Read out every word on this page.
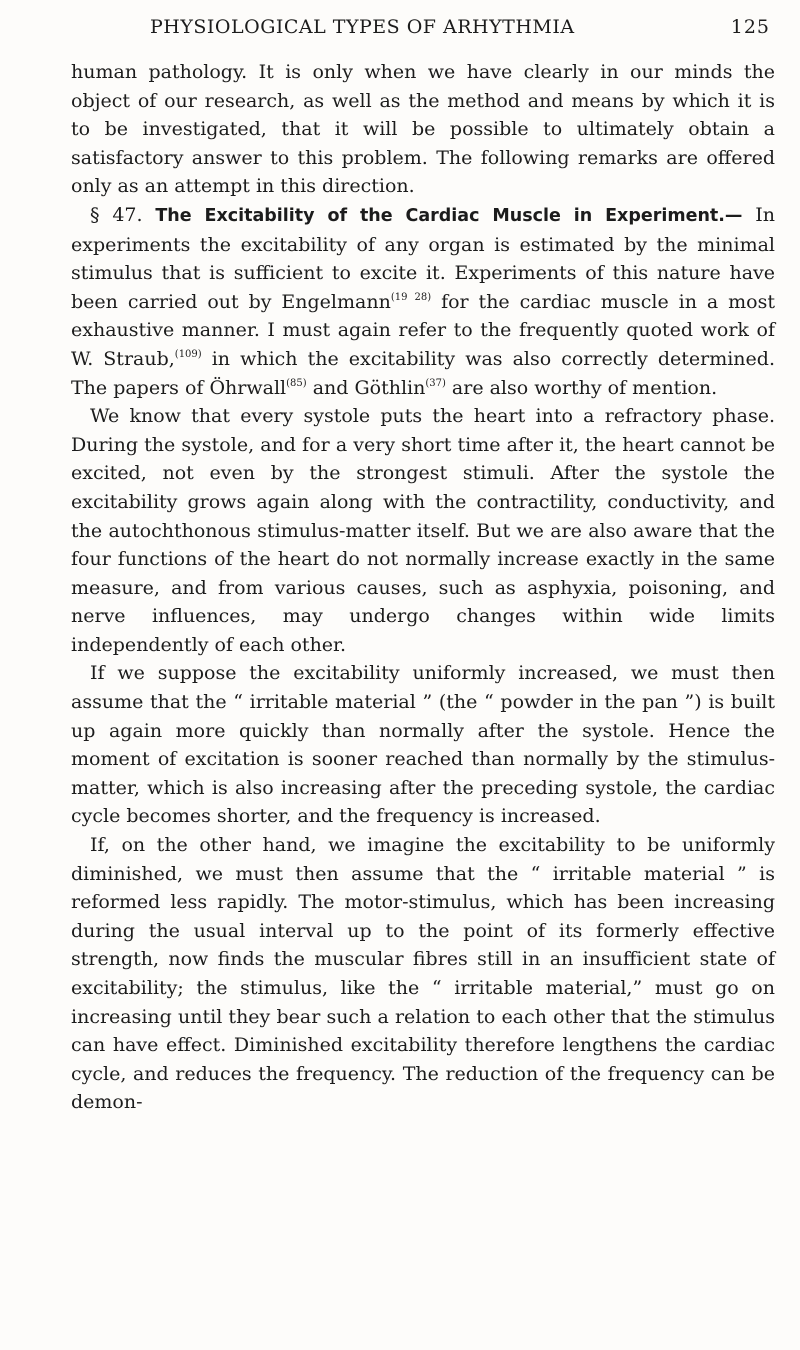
PHYSIOLOGICAL TYPES OF ARHYTHMIA	125

human pathology. It is only when we have clearly in our minds the object of our research, as well as the method and means by which it is to be investigated, that it will be possible to ultimately obtain a satisfactory answer to this problem. The following remarks are offered only as an attempt in this direction.

§ 47. The Excitability of the Cardiac Muscle in Experiment.— In experiments the excitability of any organ is estimated by the minimal stimulus that is sufficient to excite it. Experiments of this nature have been carried out by Engelmann$^{(19 28)}$ for the cardiac muscle in a most exhaustive manner. I must again refer to the frequently quoted work of W. Straub,$^{(109)}$ in which the excitability was also correctly determined. The papers of Öhrwall$^{(85)}$ and Göthlin$^{(37)}$ are also worthy of mention.

We know that every systole puts the heart into a refractory phase. During the systole, and for a very short time after it, the heart cannot be excited, not even by the strongest stimuli. After the systole the excitability grows again along with the contractility, conductivity, and the autochthonous stimulus-matter itself. But we are also aware that the four functions of the heart do not normally increase exactly in the same measure, and from various causes, such as asphyxia, poisoning, and nerve influences, may undergo changes within wide limits independently of each other.

If we suppose the excitability uniformly increased, we must then assume that the “ irritable material ” (the “ powder in the pan ”) is built up again more quickly than normally after the systole. Hence the moment of excitation is sooner reached than normally by the stimulus-matter, which is also increasing after the preceding systole, the cardiac cycle becomes shorter, and the frequency is increased.

If, on the other hand, we imagine the excitability to be uniformly diminished, we must then assume that the “ irritable material ” is reformed less rapidly. The motor-stimulus, which has been increasing during the usual interval up to the point of its formerly effective strength, now finds the muscular fibres still in an insufficient state of excitability; the stimulus, like the “ irritable material,” must go on increasing until they bear such a relation to each other that the stimulus can have effect. Diminished excitability therefore lengthens the cardiac cycle, and reduces the frequency. The reduction of the frequency can be demon-
